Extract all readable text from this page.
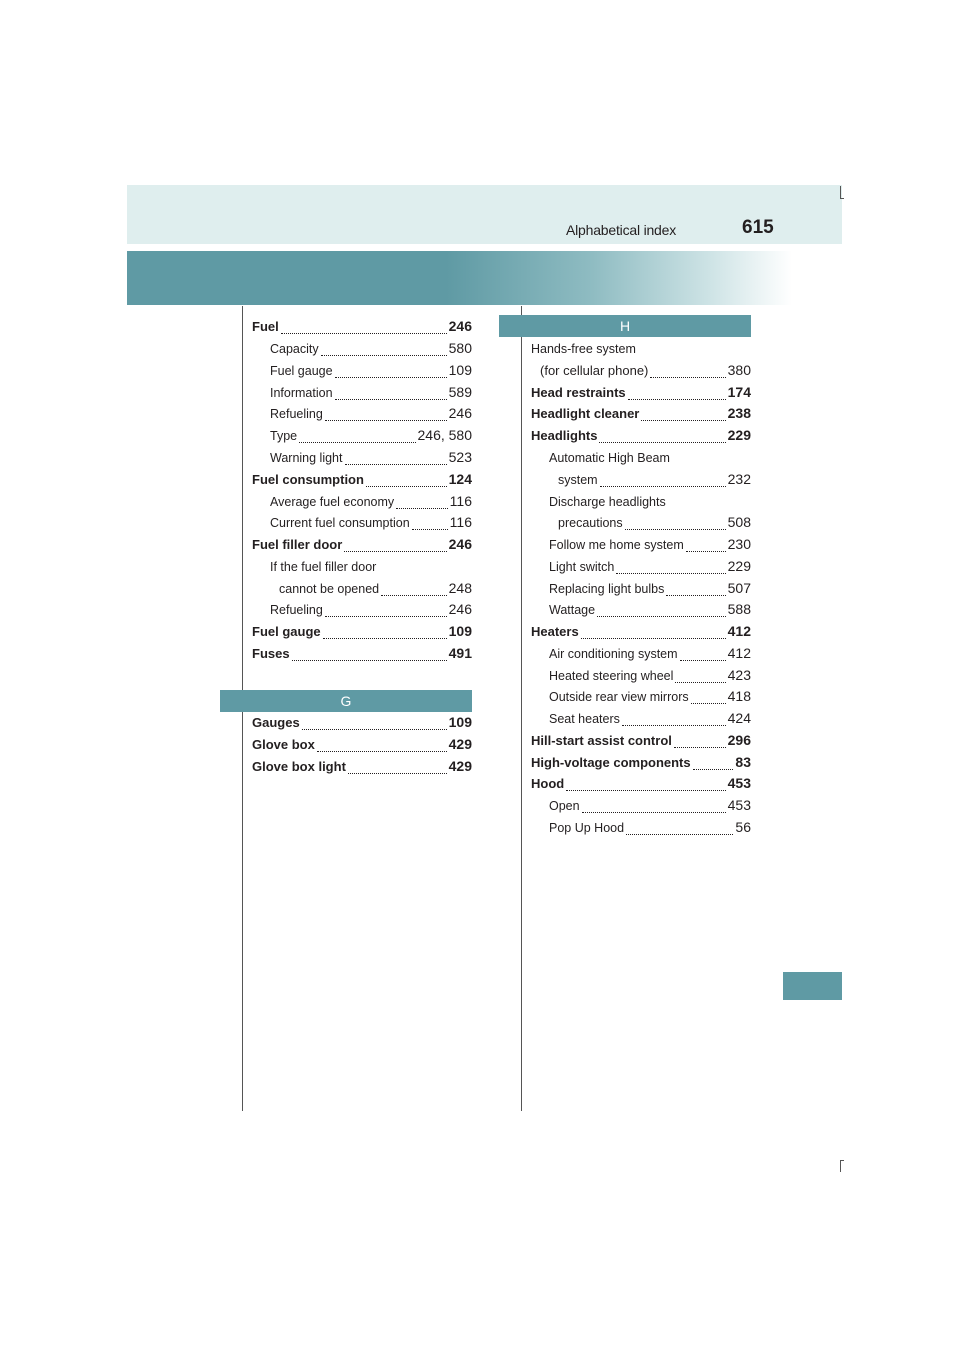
Alphabetical index	615
Fuel	246
Capacity	580
Fuel gauge	109
Information	589
Refueling	246
Type	246, 580
Warning light	523
Fuel consumption	124
Average fuel economy	116
Current fuel consumption	116
Fuel filler door	246
If the fuel filler door
cannot be opened	248
Refueling	246
Fuel gauge	109
Fuses	491
G
Gauges	109
Glove box	429
Glove box light	429
H
Hands-free system
(for cellular phone)	380
Head restraints	174
Headlight cleaner	238
Headlights	229
Automatic High Beam
system	232
Discharge headlights
precautions	508
Follow me home system	230
Light switch	229
Replacing light bulbs	507
Wattage	588
Heaters	412
Air conditioning system	412
Heated steering wheel	423
Outside rear view mirrors	418
Seat heaters	424
Hill-start assist control	296
High-voltage components	83
Hood	453
Open	453
Pop Up Hood	56
